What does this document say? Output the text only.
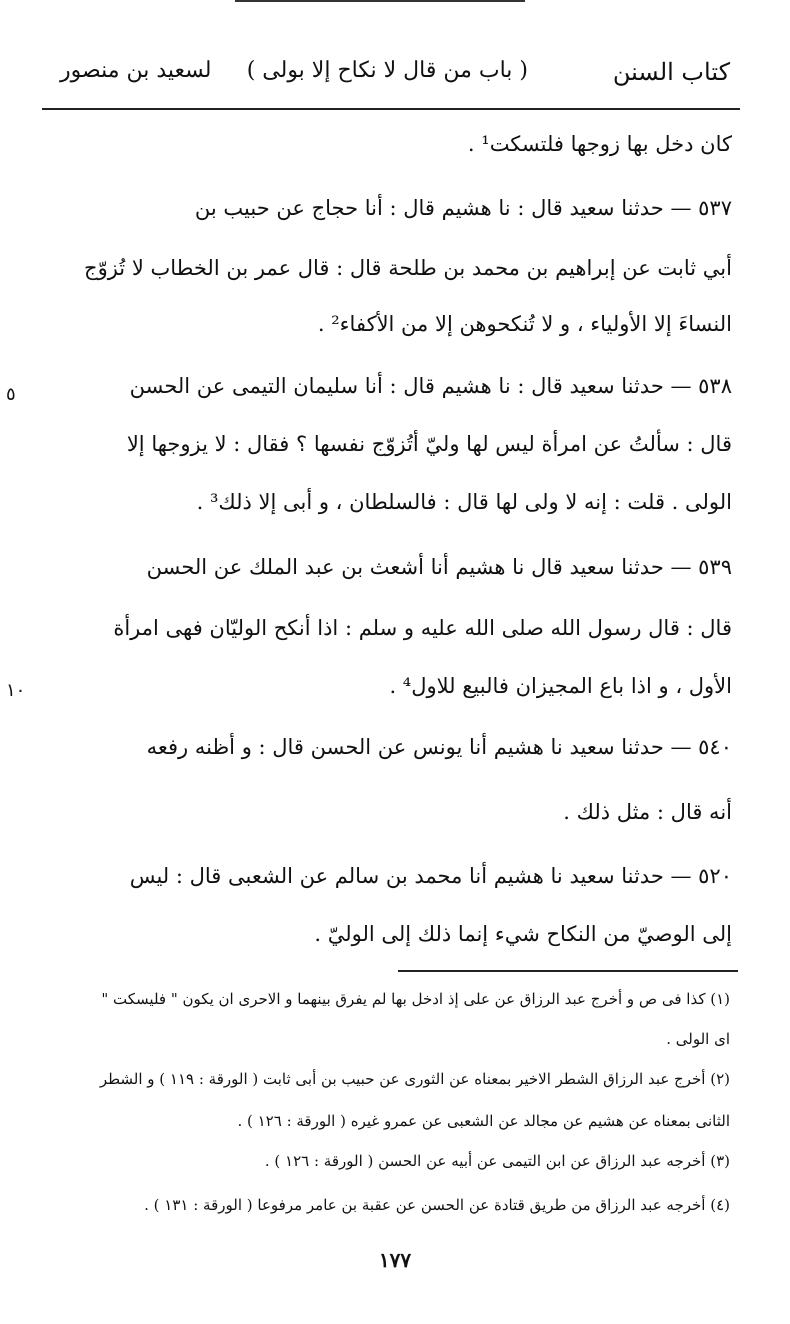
كتاب السنن
( باب من قال لا نكاح إلا بولى )
لسعيد بن منصور
كان دخل بها زوجها فلتسكت¹ .
٥٣٧ — حدثنا سعيد قال : نا هشيم قال : أنا حجاج عن حبيب بن
أبي ثابت عن إبراهيم بن محمد بن طلحة قال : قال عمر بن الخطاب لا تُزوّج
النساءَ إلا الأولياء ، و لا تُنكحوهن إلا من الأكفاء² .
٥٣٨ — حدثنا سعيد قال : نا هشيم قال : أنا سليمان التيمى عن الحسن
قال : سألتُ عن امرأة ليس لها وليّ أتُزوّج نفسها ؟ فقال : لا يزوجها إلا
الولى . قلت : إنه لا ولى لها قال : فالسلطان ، و أبى إلا ذلك³ .
٥٣٩ — حدثنا سعيد قال نا هشيم أنا أشعث بن عبد الملك عن الحسن
قال : قال رسول الله صلى الله عليه و سلم : اذا أنكح الوليّان فهى امرأة
الأول ، و اذا باع المجيزان فالبيع للاول⁴ .
٥٤٠ — حدثنا سعيد نا هشيم أنا يونس عن الحسن قال : و أظنه رفعه
أنه قال : مثل ذلك .
٥٢٠ — حدثنا سعيد نا هشيم أنا محمد بن سالم عن الشعبى قال : ليس
إلى الوصيّ من النكاح شيء إنما ذلك إلى الوليّ .
٥
١٠
(١) كذا فى ص و أخرج عبد الرزاق عن على إذ ادخل بها لم يفرق بينهما و الاحرى ان يكون " فليسكت "
اى الولى .
(٢) أخرج عبد الرزاق الشطر الاخير بمعناه عن الثورى عن حبيب بن أبى ثابت ( الورقة : ١١٩ ) و الشطر
الثانى بمعناه عن هشيم عن مجالد عن الشعبى عن عمرو غيره ( الورقة : ١٢٦ ) .
(٣) أخرجه عبد الرزاق عن ابن التيمى عن أبيه عن الحسن ( الورقة : ١٢٦ ) .
(٤) أخرجه عبد الرزاق من طريق قتادة عن الحسن عن عقبة بن عامر مرفوعا ( الورقة : ١٣١ ) .
١٧٧
